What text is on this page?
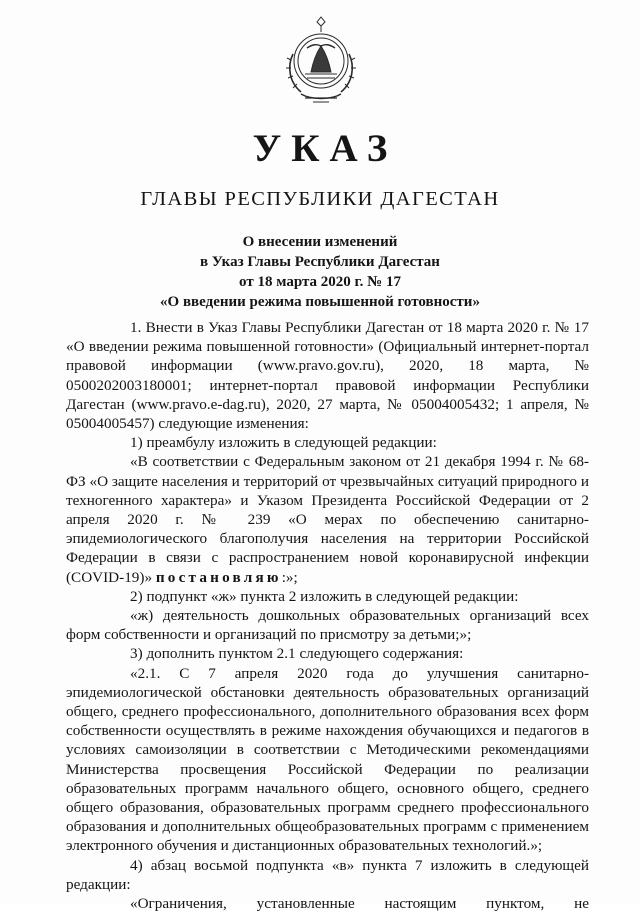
УКАЗ
ГЛАВЫ РЕСПУБЛИКИ ДАГЕСТАН
О внесении изменений
в Указ Главы Республики Дагестан
от 18 марта 2020 г. № 17
«О введении режима повышенной готовности»

1. Внести в Указ Главы Республики Дагестан от 18 марта 2020 г. № 17 «О введении режима повышенной готовности» (Официальный интернет-портал правовой информации (www.pravo.gov.ru), 2020, 18 марта, № 0500202003180001; интернет-портал правовой информации Республики Дагестан (www.pravo.e-dag.ru), 2020, 27 марта, № 05004005432; 1 апреля, № 05004005457) следующие изменения:

1) преамбулу изложить в следующей редакции:

«В соответствии с Федеральным законом от 21 декабря 1994 г. № 68-ФЗ «О защите населения и территорий от чрезвычайных ситуаций природного и техногенного характера» и Указом Президента Российской Федерации от 2 апреля 2020 г. № 239 «О мерах по обеспечению санитарно-эпидемиологического благополучия населения на территории Российской Федерации в связи с распространением новой коронавирусной инфекции (COVID-19)» постановляю:»;

2) подпункт «ж» пункта 2 изложить в следующей редакции:

«ж) деятельность дошкольных образовательных организаций всех форм собственности и организаций по присмотру за детьми;»;

3) дополнить пунктом 2.1 следующего содержания:

«2.1. С 7 апреля 2020 года до улучшения санитарно-эпидемиологической обстановки деятельность образовательных организаций общего, среднего профессионального, дополнительного образования всех форм собственности осуществлять в режиме нахождения обучающихся и педагогов в условиях самоизоляции в соответствии с Методическими рекомендациями Министерства просвещения Российской Федерации по реализации образовательных программ начального общего, основного общего, среднего общего образования, образовательных программ среднего профессионального образования и дополнительных общеобразовательных программ с применением электронного обучения и дистанционных образовательных технологий.»;

4) абзац восьмой подпункта «в» пункта 7 изложить в следующей редакции:

«Ограничения, установленные настоящим пунктом, не
